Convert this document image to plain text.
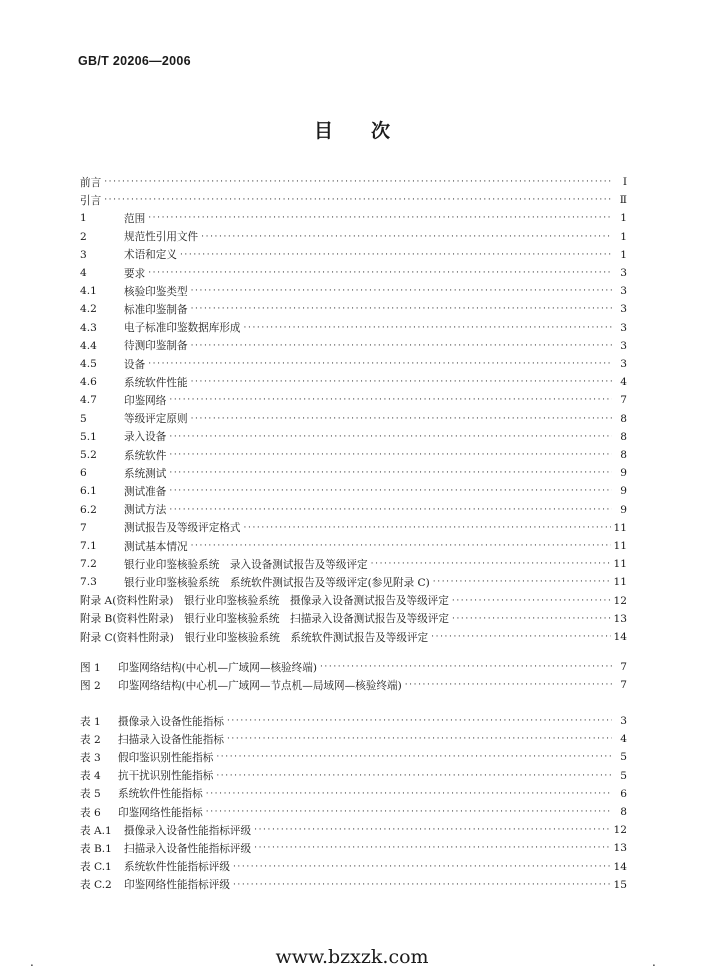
GB/T 20206—2006
目次
前言 ·····	Ⅰ
引言 ·····	Ⅱ
1	范围 ·····	1
2	规范性引用文件 ·····	1
3	术语和定义 ·····	1
4	要求 ·····	3
4.1	核验印鉴类型 ·····	3
4.2	标准印鉴制备 ·····	3
4.3	电子标准印鉴数据库形成 ·····	3
4.4	待测印鉴制备 ·····	3
4.5	设备 ·····	3
4.6	系统软件性能 ·····	4
4.7	印鉴网络 ·····	7
5	等级评定原则 ·····	8
5.1	录入设备 ·····	8
5.2	系统软件 ·····	8
6	系统测试 ·····	9
6.1	测试准备 ·····	9
6.2	测试方法 ·····	9
7	测试报告及等级评定格式 ·····	11
7.1	测试基本情况 ·····	11
7.2	银行业印鉴核验系统　录入设备测试报告及等级评定 ·····	11
7.3	银行业印鉴核验系统　系统软件测试报告及等级评定(参见附录 C) ·····	11
附录 A(资料性附录)　银行业印鉴核验系统　摄像录入设备测试报告及等级评定 ·····	12
附录 B(资料性附录)　银行业印鉴核验系统　扫描录入设备测试报告及等级评定 ·····	13
附录 C(资料性附录)　银行业印鉴核验系统　系统软件测试报告及等级评定 ·····	14
图 1	印鉴网络结构(中心机—广域网—核验终端) ·····	7
图 2	印鉴网络结构(中心机—广域网—节点机—局域网—核验终端) ·····	7
表 1	摄像录入设备性能指标 ·····	3
表 2	扫描录入设备性能指标 ·····	4
表 3	假印鉴识别性能指标 ·····	5
表 4	抗干扰识别性能指标 ·····	5
表 5	系统软件性能指标 ·····	6
表 6	印鉴网络性能指标 ·····	8
表 A.1	摄像录入设备性能指标评级 ·····	12
表 B.1	扫描录入设备性能指标评级 ·····	13
表 C.1	系统软件性能指标评级 ·····	14
表 C.2	印鉴网络性能指标评级 ·····	15
.	www.bzxzk.com	.
